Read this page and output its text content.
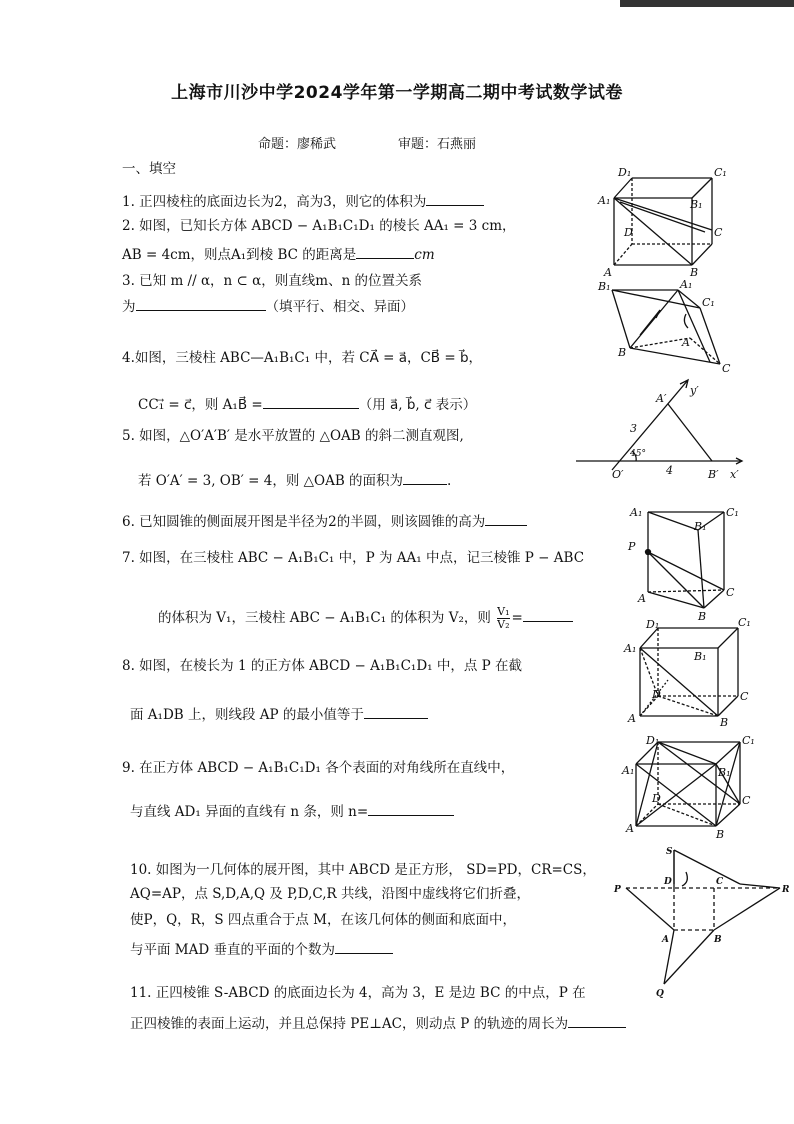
上海市川沙中学2024学年第一学期高二期中考试数学试卷
命题：廖稀武	审题：石燕丽
一、填空
1. 正四棱柱的底面边长为2，高为3，则它的体积为
2. 如图，已知长方体 ABCD − A₁B₁C₁D₁ 的棱长 AA₁ = 3 cm，
AB = 4cm，则点A₁到棱 BC 的距离是	cm
3. 已知 m // α，n ⊂ α，则直线m、n 的位置关系
为	（填平行、相交、异面）
4.如图，三棱柱 ABC—A₁B₁C₁ 中，若 CA⃗ = a⃗，CB⃗ = b⃗，
CC₁⃗ = c⃗，则 A₁B⃗ =	（用 a⃗, b⃗, c⃗ 表示）
5. 如图，△O′A′B′ 是水平放置的 △OAB 的斜二测直观图,
若 O′A′ = 3, OB′ = 4，则 △OAB 的面积为	.
6. 已知圆锥的侧面展开图是半径为2的半圆，则该圆锥的高为
7. 如图，在三棱柱 ABC − A₁B₁C₁ 中，P 为 AA₁ 中点，记三棱锥 P − ABC
的体积为 V₁，三棱柱 ABC − A₁B₁C₁ 的体积为 V₂，则 $\frac{\text{V₁}}{\text{V₂}}$ =
8. 如图，在棱长为 1 的正方体 ABCD − A₁B₁C₁D₁ 中，点 P 在截
面 A₁DB 上，则线段 AP 的最小值等于
9. 在正方体 ABCD − A₁B₁C₁D₁ 各个表面的对角线所在直线中，
与直线 AD₁ 异面的直线有 n 条，则 n=
10. 如图为一几何体的展开图，其中 ABCD 是正方形， SD=PD，CR=CS，
AQ=AP，点 S,D,A,Q 及 P,D,C,R 共线，沿图中虚线将它们折叠，
使P，Q，R，S 四点重合于点 M，在该几何体的侧面和底面中，
与平面 MAD 垂直的平面的个数为
11. 正四棱锥 S-ABCD 的底面边长为 4，高为 3，E 是边 BC 的中点，P 在
正四棱锥的表面上运动，并且总保持 PE⊥AC，则动点 P 的轨迹的周长为
D₁	C₁
A₁	B₁
D	C
A	B
B₁	A₁
C₁
B
A
C
A′
y′
3
45°
O′	4	B′ x′
A₁
B₁
C₁
P
A
B
C
D₁	C₁
A₁
B₁
D	C
A	B
D₁	C₁
A₁	B₁
D	C
A	B
S
D	C
P	R
A	B
Q
